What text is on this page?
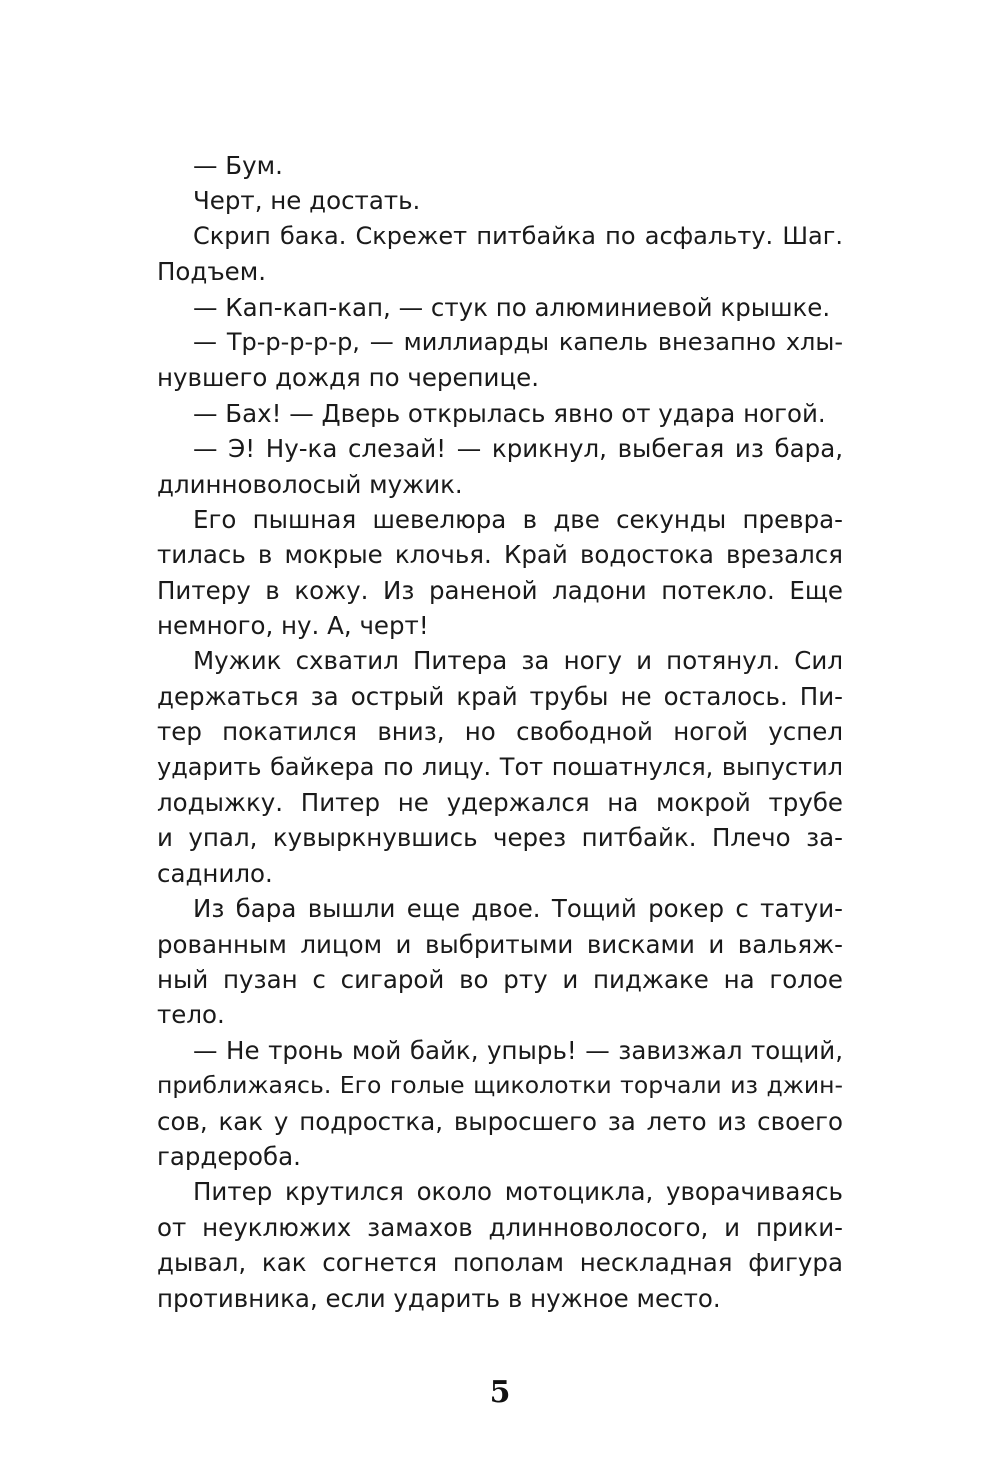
— Бум.
Черт, не достать.
Скрип бака. Скрежет питбайка по асфальту. Шаг.
Подъем.
— Кап-кап-кап, — стук по алюминиевой крышке.
— Тр-р-р-р-р, — миллиарды капель внезапно хлы-
нувшего дождя по черепице.
— Бах! — Дверь открылась явно от удара ногой.
— Э! Ну-ка слезай! — крикнул, выбегая из бара,
длинноволосый мужик.
Его пышная шевелюра в две секунды превра-
тилась в мокрые клочья. Край водостока врезался
Питеру в кожу. Из раненой ладони потекло. Еще
немного, ну. А, черт!
Мужик схватил Питера за ногу и потянул. Сил
держаться за острый край трубы не осталось. Пи-
тер покатился вниз, но свободной ногой успел
ударить байкера по лицу. Тот пошатнулся, выпустил
лодыжку. Питер не удержался на мокрой трубе
и упал, кувыркнувшись через питбайк. Плечо за-
саднило.
Из бара вышли еще двое. Тощий рокер с татуи-
рованным лицом и выбритыми висками и вальяж-
ный пузан с сигарой во рту и пиджаке на голое
тело.
— Не тронь мой байк, упырь! — завизжал тощий,
приближаясь. Его голые щиколотки торчали из джин-
сов, как у подростка, выросшего за лето из своего
гардероба.
Питер крутился около мотоцикла, уворачиваясь
от неуклюжих замахов длинноволосого, и прики-
дывал, как согнется пополам нескладная фигура
противника, если ударить в нужное место.
5
